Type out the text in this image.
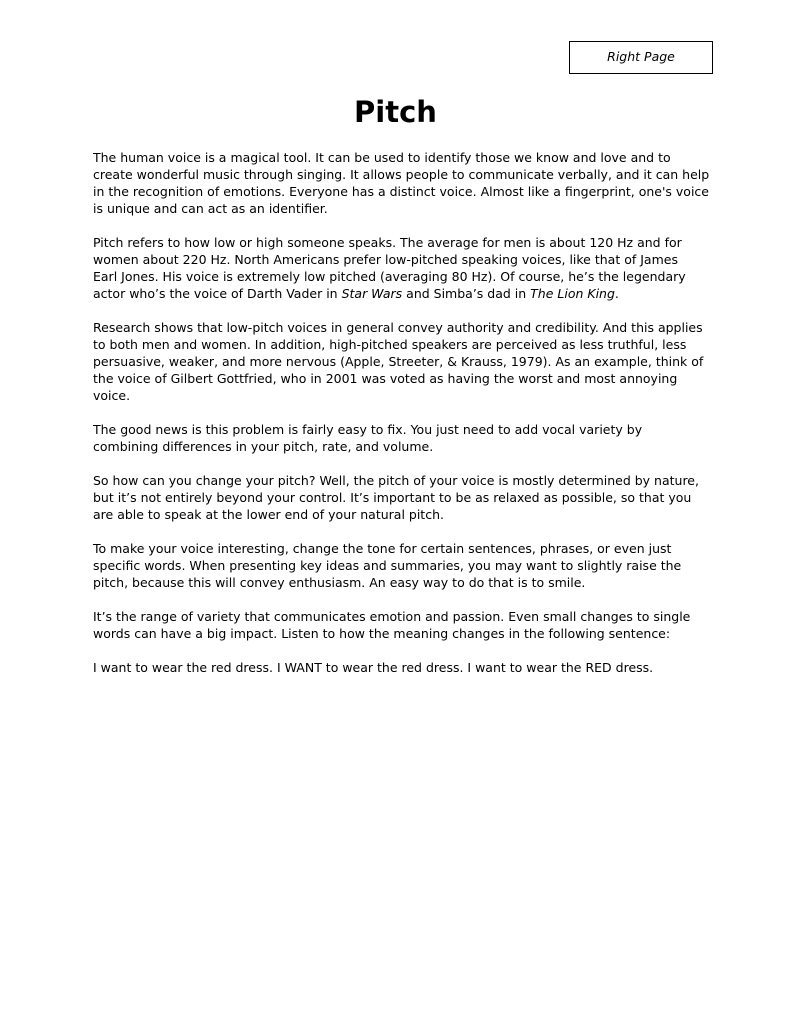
Right Page
Pitch

The human voice is a magical tool. It can be used to identify those we know and love and to
create wonderful music through singing. It allows people to communicate verbally, and it can help
in the recognition of emotions. Everyone has a distinct voice. Almost like a fingerprint, one's voice
is unique and can act as an identifier.

Pitch refers to how low or high someone speaks. The average for men is about 120 Hz and for
women about 220 Hz. North Americans prefer low-pitched speaking voices, like that of James
Earl Jones. His voice is extremely low pitched (averaging 80 Hz). Of course, he’s the legendary
actor who’s the voice of Darth Vader in Star Wars and Simba’s dad in The Lion King.

Research shows that low-pitch voices in general convey authority and credibility. And this applies
to both men and women. In addition, high-pitched speakers are perceived as less truthful, less
persuasive, weaker, and more nervous (Apple, Streeter, & Krauss, 1979). As an example, think of
the voice of Gilbert Gottfried, who in 2001 was voted as having the worst and most annoying
voice.

The good news is this problem is fairly easy to fix. You just need to add vocal variety by
combining differences in your pitch, rate, and volume.

So how can you change your pitch? Well, the pitch of your voice is mostly determined by nature,
but it’s not entirely beyond your control. It’s important to be as relaxed as possible, so that you
are able to speak at the lower end of your natural pitch.

To make your voice interesting, change the tone for certain sentences, phrases, or even just
specific words. When presenting key ideas and summaries, you may want to slightly raise the
pitch, because this will convey enthusiasm. An easy way to do that is to smile.

It’s the range of variety that communicates emotion and passion. Even small changes to single
words can have a big impact. Listen to how the meaning changes in the following sentence:

I want to wear the red dress. I WANT to wear the red dress. I want to wear the RED dress.
